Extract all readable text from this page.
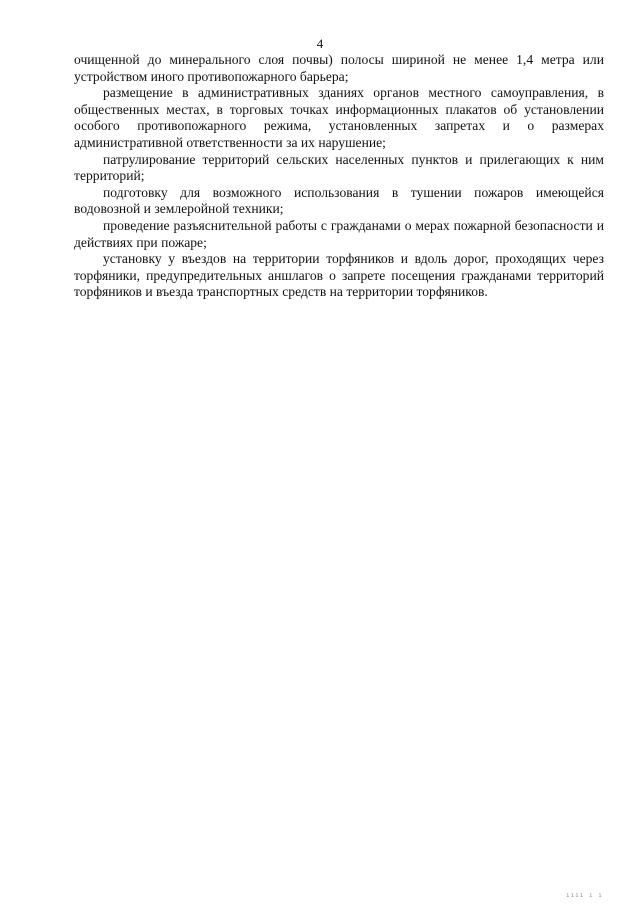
4

очищенной до минерального слоя почвы) полосы шириной не менее 1,4 метра или устройством иного противопожарного барьера;

размещение в административных зданиях органов местного самоуправления, в общественных местах, в торговых точках информационных плакатов об установлении особого противопожарного режима, установленных запретах и о размерах административной ответственности за их нарушение;

патрулирование территорий сельских населенных пунктов и прилегающих к ним территорий;

подготовку для возможного использования в тушении пожаров имеющейся водовозной и землеройной техники;

проведение разъяснительной работы с гражданами о мерах пожарной безопасности и действиях при пожаре;

установку у въездов на территории торфяников и вдоль дорог, проходящих через торфяники, предупредительных аншлагов о запрете посещения гражданами территорий торфяников и въезда транспортных средств на территории торфяников.

ıııı ı ı
